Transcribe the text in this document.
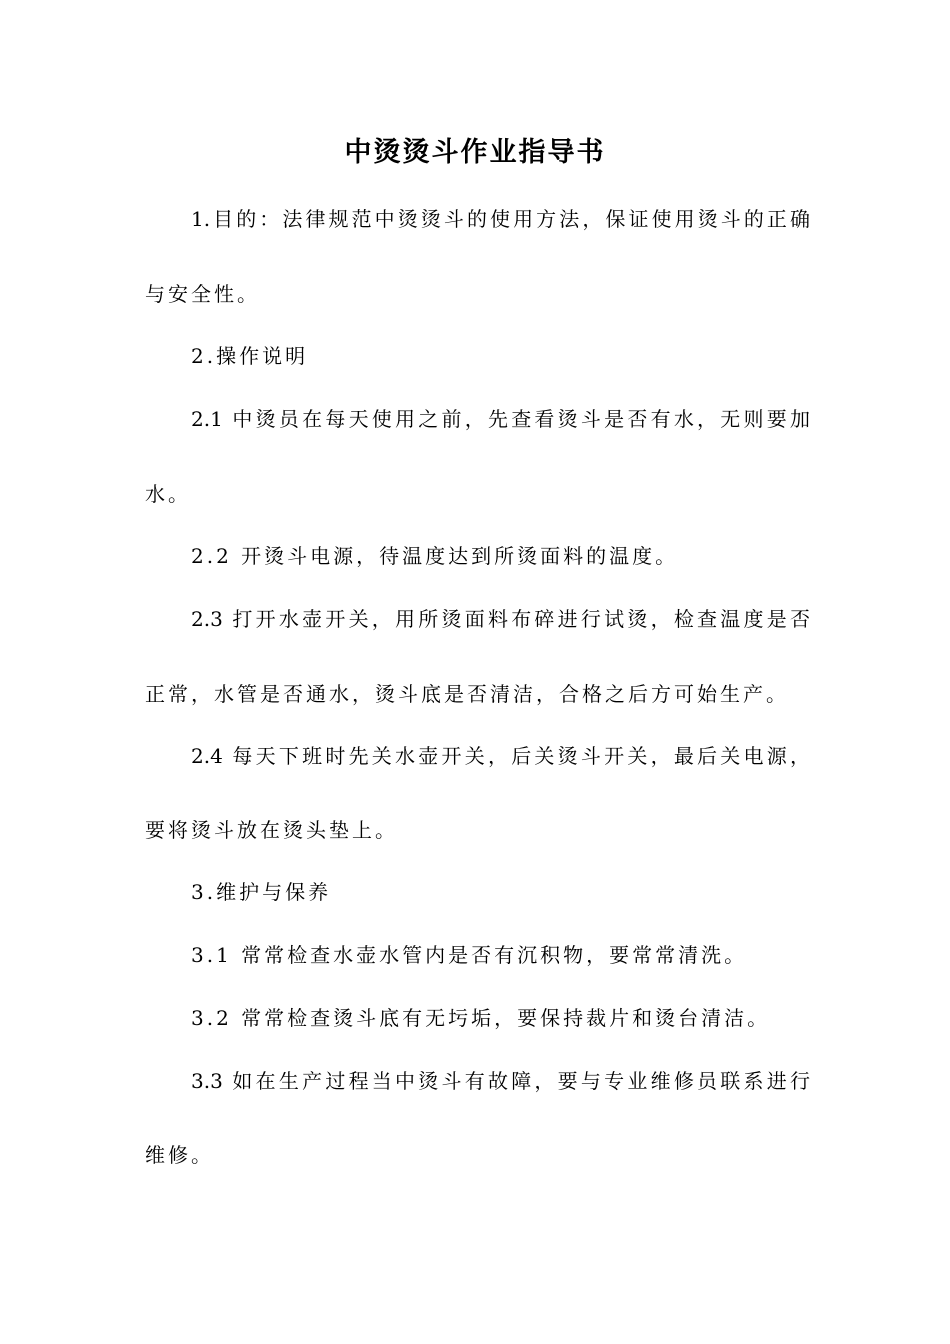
中烫烫斗作业指导书
1.目的：法律规范中烫烫斗的使用方法，保证使用烫斗的正确
与安全性。
2.操作说明
2.1 中烫员在每天使用之前，先查看烫斗是否有水，无则要加
水。
2.2 开烫斗电源，待温度达到所烫面料的温度。
2.3 打开水壶开关，用所烫面料布碎进行试烫，检查温度是否
正常，水管是否通水，烫斗底是否清洁，合格之后方可始生产。
2.4 每天下班时先关水壶开关，后关烫斗开关，最后关电源，
要将烫斗放在烫头垫上。
3.维护与保养
3.1 常常检查水壶水管内是否有沉积物，要常常清洗。
3.2 常常检查烫斗底有无圬垢，要保持裁片和烫台清洁。
3.3 如在生产过程当中烫斗有故障，要与专业维修员联系进行
维修。
